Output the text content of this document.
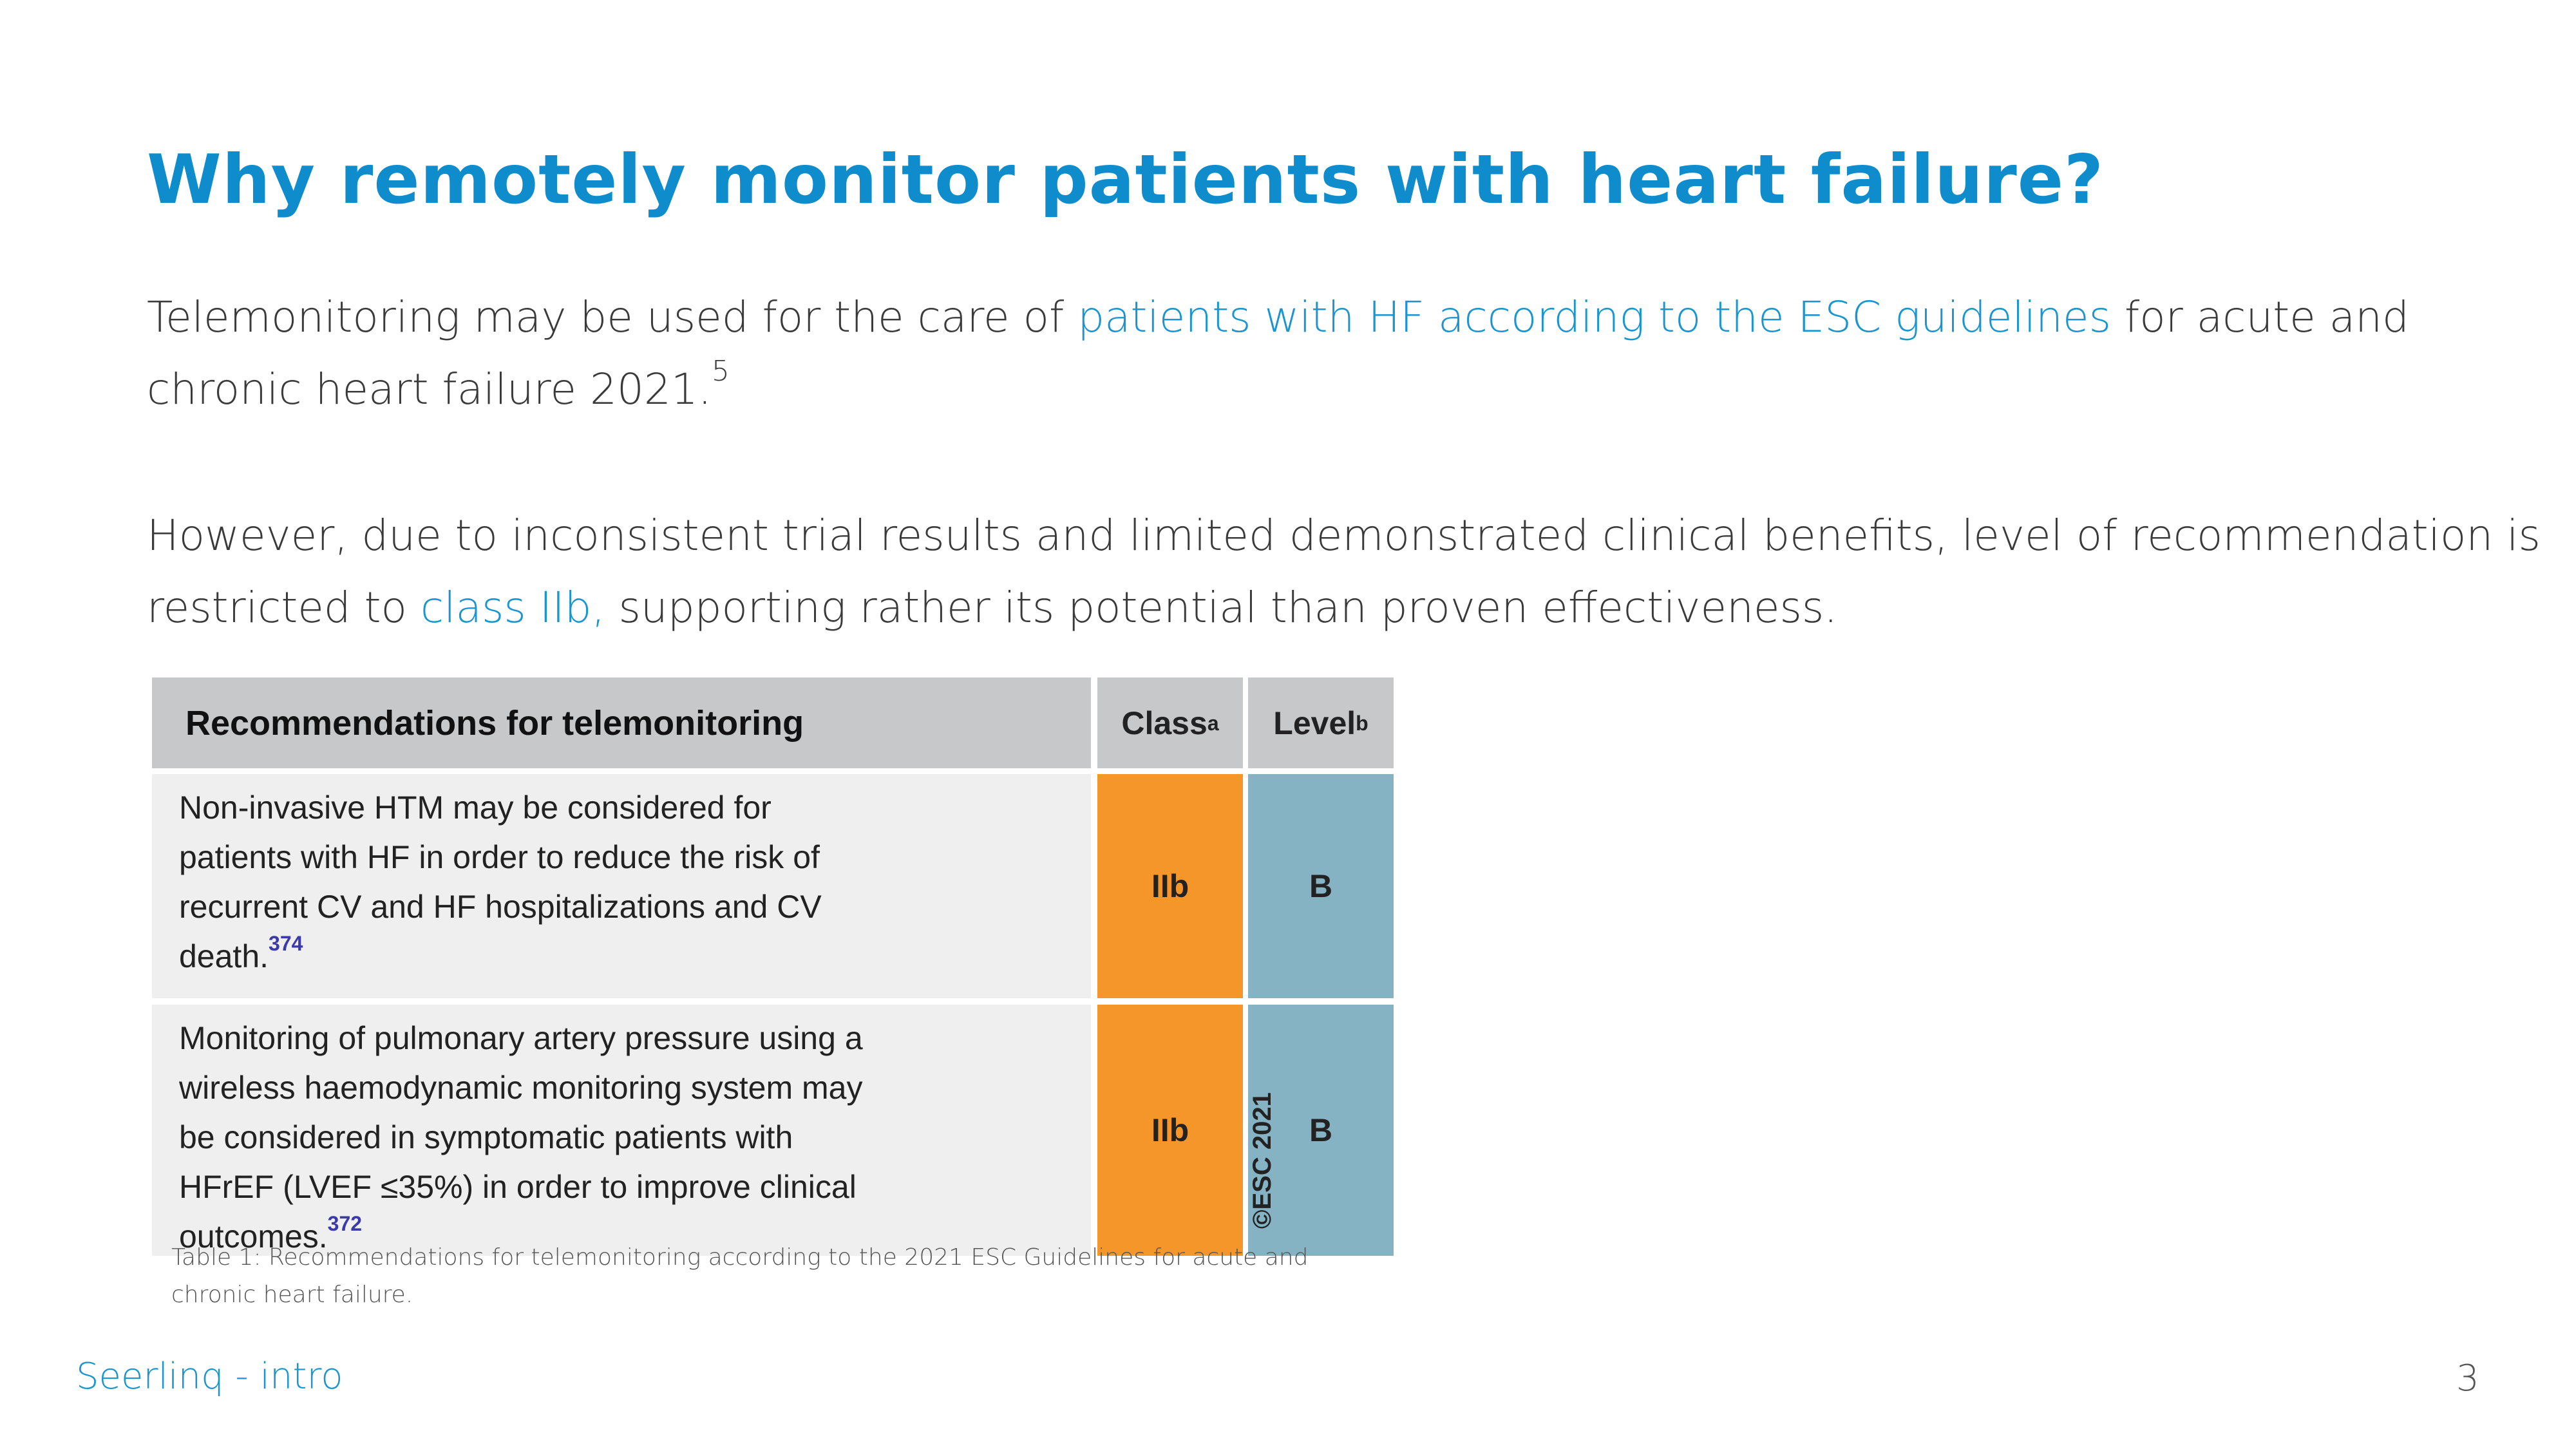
Why remotely monitor patients with heart failure?
Telemonitoring may be used for the care of patients with HF according to the ESC guidelines for acute and
chronic heart failure 2021.$^5$
However, due to inconsistent trial results and limited demonstrated clinical benefits, level of recommendation is
restricted to class IIb, supporting rather its potential than proven effectiveness.
Recommendations for telemonitoring	Class a Level b
Non-invasive HTM may be considered for
patients with HF in order to reduce the risk of
recurrent CV and HF hospitalizations and CV
death.$^{374}$
IIb	B
Monitoring of pulmonary artery pressure using a
wireless haemodynamic monitoring system may
be considered in symptomatic patients with
HFrEF (LVEF ≤35%) in order to improve clinical
outcomes.$^{372}$
IIb	B
©ESC 2021
Table 1: Recommendations for telemonitoring according to the 2021 ESC Guidelines for acute and
chronic heart failure.
Seerlinq - intro	3
